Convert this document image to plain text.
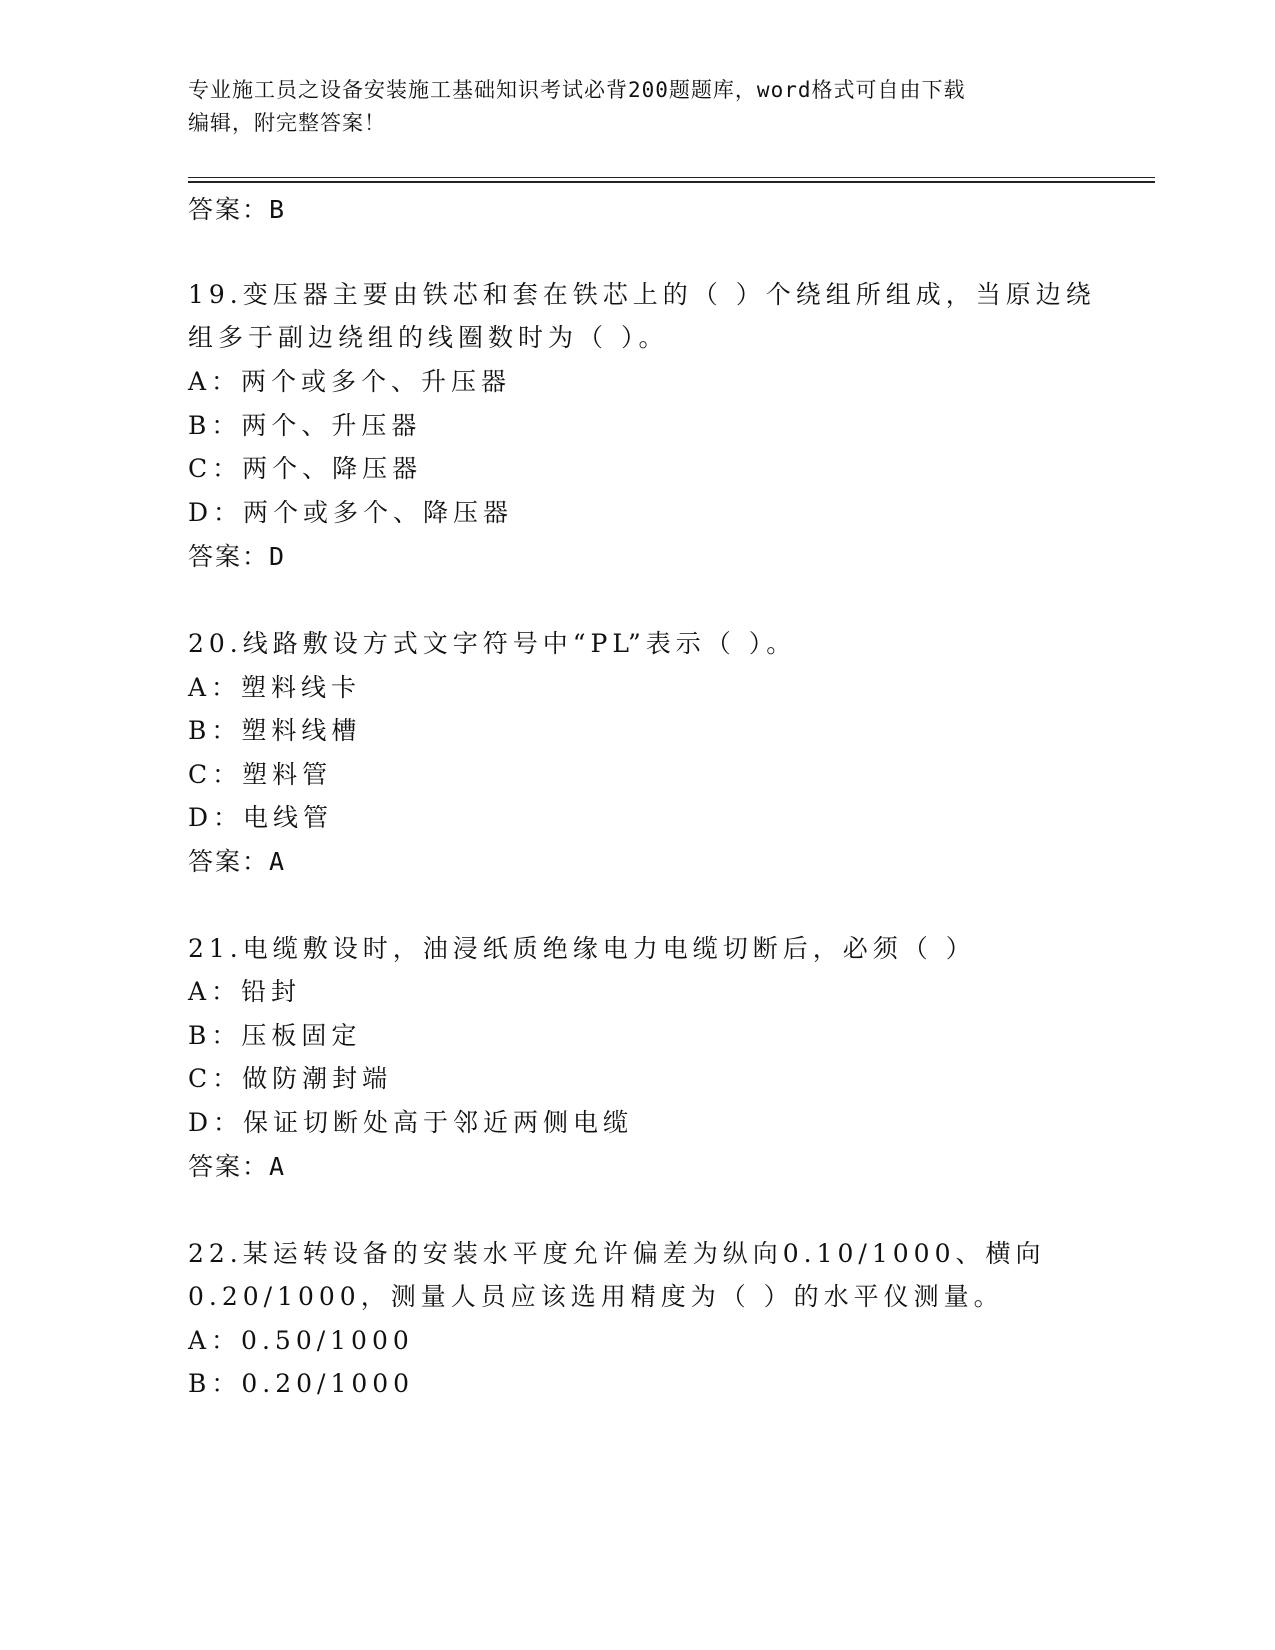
专业施工员之设备安装施工基础知识考试必背200题题库，word格式可自由下载
编辑，附完整答案！
答案：B
19.变压器主要由铁芯和套在铁芯上的（ ）个绕组所组成，当原边绕
组多于副边绕组的线圈数时为（ ）。
A：两个或多个、升压器
B：两个、升压器
C：两个、降压器
D：两个或多个、降压器
答案：D
20.线路敷设方式文字符号中“PL”表示（ ）。
A：塑料线卡
B：塑料线槽
C：塑料管
D：电线管
答案：A
21.电缆敷设时，油浸纸质绝缘电力电缆切断后，必须（ ）
A：铅封
B：压板固定
C：做防潮封端
D：保证切断处高于邻近两侧电缆
答案：A
22.某运转设备的安装水平度允许偏差为纵向0.10/1000、横向
0.20/1000，测量人员应该选用精度为（ ）的水平仪测量。
A：0.50/1000
B：0.20/1000
